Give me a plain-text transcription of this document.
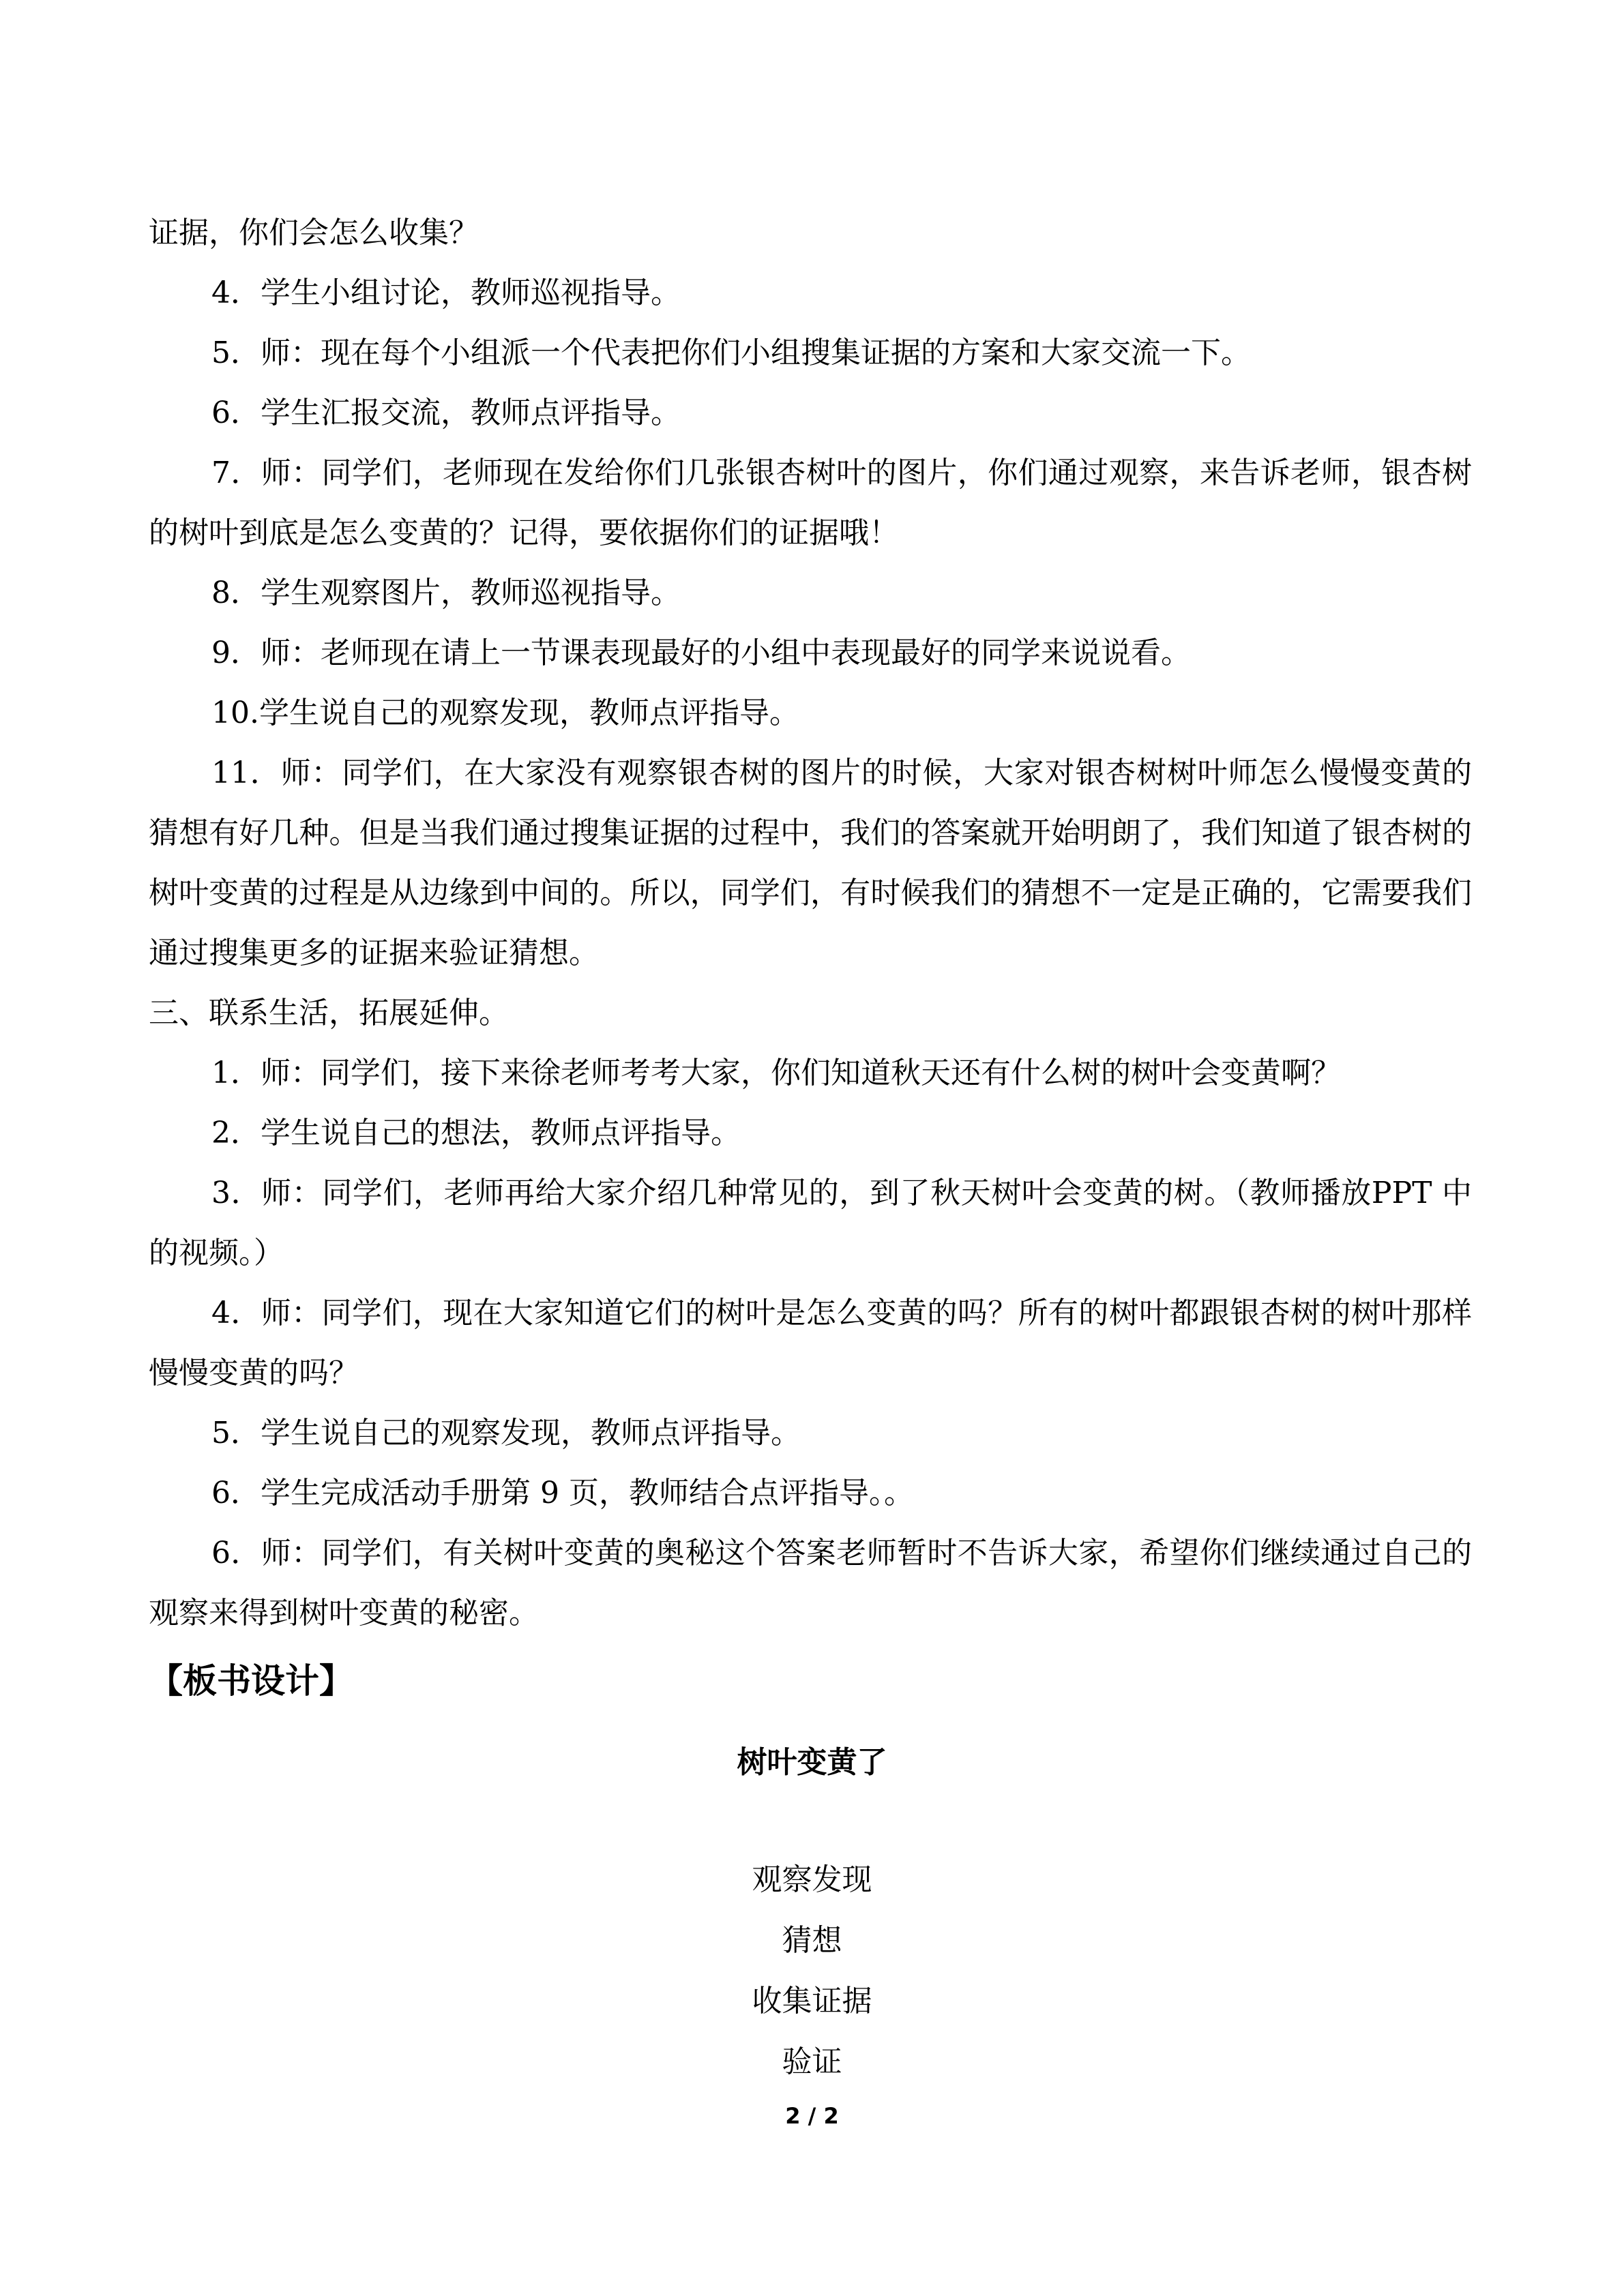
证据，你们会怎么收集？

4．学生小组讨论，教师巡视指导。

5．师：现在每个小组派一个代表把你们小组搜集证据的方案和大家交流一下。

6．学生汇报交流，教师点评指导。

7．师：同学们，老师现在发给你们几张银杏树叶的图片，你们通过观察，来告诉老师，银杏树的树叶到底是怎么变黄的？记得，要依据你们的证据哦！

8．学生观察图片，教师巡视指导。

9．师：老师现在请上一节课表现最好的小组中表现最好的同学来说说看。

10.学生说自己的观察发现，教师点评指导。

11．师：同学们，在大家没有观察银杏树的图片的时候，大家对银杏树树叶师怎么慢慢变黄的猜想有好几种。但是当我们通过搜集证据的过程中，我们的答案就开始明朗了，我们知道了银杏树的树叶变黄的过程是从边缘到中间的。所以，同学们，有时候我们的猜想不一定是正确的，它需要我们通过搜集更多的证据来验证猜想。

三、联系生活，拓展延伸。

1．师：同学们，接下来徐老师考考大家，你们知道秋天还有什么树的树叶会变黄啊？

2．学生说自己的想法，教师点评指导。

3．师：同学们，老师再给大家介绍几种常见的，到了秋天树叶会变黄的树。（教师播放PPT 中的视频。）

4．师：同学们，现在大家知道它们的树叶是怎么变黄的吗？所有的树叶都跟银杏树的树叶那样慢慢变黄的吗？

5．学生说自己的观察发现，教师点评指导。

6．学生完成活动手册第 9 页，教师结合点评指导。。

6．师：同学们，有关树叶变黄的奥秘这个答案老师暂时不告诉大家，希望你们继续通过自己的观察来得到树叶变黄的秘密。

【板书设计】
树叶变黄了
观察发现
猜想
收集证据
验证
2 / 2
